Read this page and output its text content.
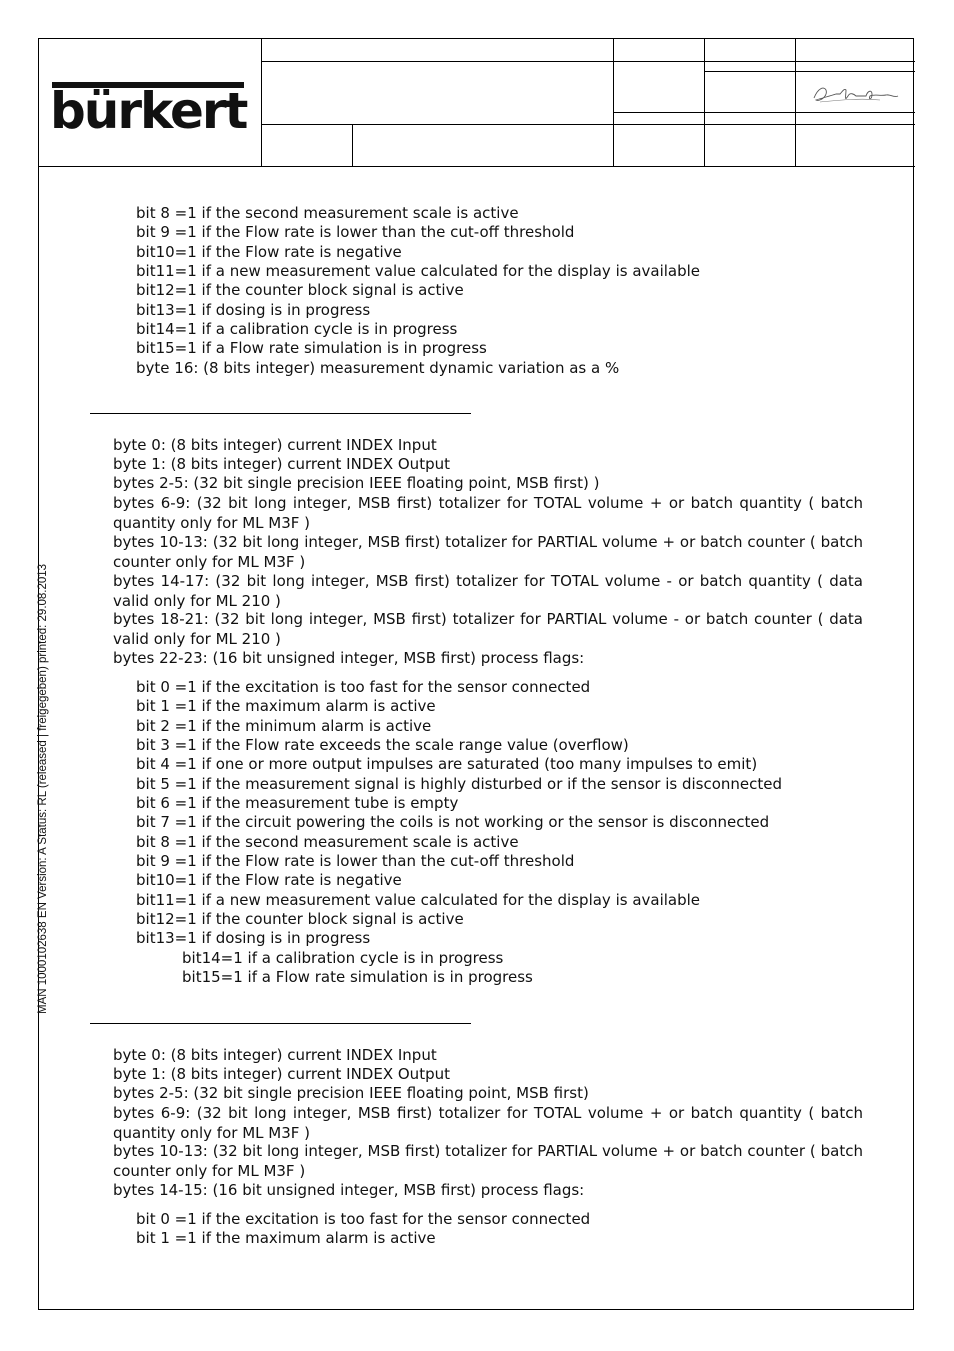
bürkert
MAN 1000102638 EN Version: A Status: RL (released | freigegeben) printed: 29.08.2013
bit 8 =1 if the second measurement scale is active
bit 9 =1 if the Flow rate is lower than the cut-off threshold
bit10=1 if the Flow rate is negative
bit11=1 if a new measurement value calculated for the display is available
bit12=1 if the counter block signal is active
bit13=1 if dosing is in progress
bit14=1 if a calibration cycle is in progress
bit15=1 if a Flow rate simulation is in progress
byte 16: (8 bits integer) measurement dynamic variation as a %
byte 0: (8 bits integer) current INDEX Input
byte 1: (8 bits integer) current INDEX Output
bytes 2-5: (32 bit single precision IEEE floating point, MSB first) )
bytes 6-9: (32 bit long integer, MSB first) totalizer for TOTAL volume + or batch quantity ( batch quantity only for ML M3F )
bytes 10-13: (32 bit long integer, MSB first) totalizer for PARTIAL volume + or batch counter ( batch counter only for ML M3F )
bytes 14-17: (32 bit long integer, MSB first) totalizer for TOTAL volume - or batch quantity ( data valid only for ML 210 )
bytes 18-21: (32 bit long integer, MSB first) totalizer for PARTIAL volume - or batch counter ( data valid only for ML 210 )
bytes 22-23: (16 bit unsigned integer, MSB first) process flags:
bit 0 =1 if the excitation is too fast for the sensor connected
bit 1 =1 if the maximum alarm is active
bit 2 =1 if the minimum alarm is active
bit 3 =1 if the Flow rate exceeds the scale range value (overflow)
bit 4 =1 if one or more output impulses are saturated (too many impulses to emit)
bit 5 =1 if the measurement signal is highly disturbed or if the sensor is disconnected
bit 6 =1 if the measurement tube is empty
bit 7 =1 if the circuit powering the coils is not working or the sensor is disconnected
bit 8 =1 if the second measurement scale is active
bit 9 =1 if the Flow rate is lower than the cut-off threshold
bit10=1 if the Flow rate is negative
bit11=1 if a new measurement value calculated for the display is available
bit12=1 if the counter block signal is active
bit13=1 if dosing is in progress
bit14=1 if a calibration cycle is in progress
bit15=1 if a Flow rate simulation is in progress
byte 0: (8 bits integer) current INDEX Input
byte 1: (8 bits integer) current INDEX Output
bytes 2-5: (32 bit single precision IEEE floating point, MSB first)
bytes 6-9: (32 bit long integer, MSB first) totalizer for TOTAL volume + or batch quantity ( batch quantity only for ML M3F )
bytes 10-13: (32 bit long integer, MSB first) totalizer for PARTIAL volume + or batch counter ( batch counter only for ML M3F )
bytes 14-15: (16 bit unsigned integer, MSB first) process flags:
bit 0 =1 if the excitation is too fast for the sensor connected
bit 1 =1 if the maximum alarm is active
